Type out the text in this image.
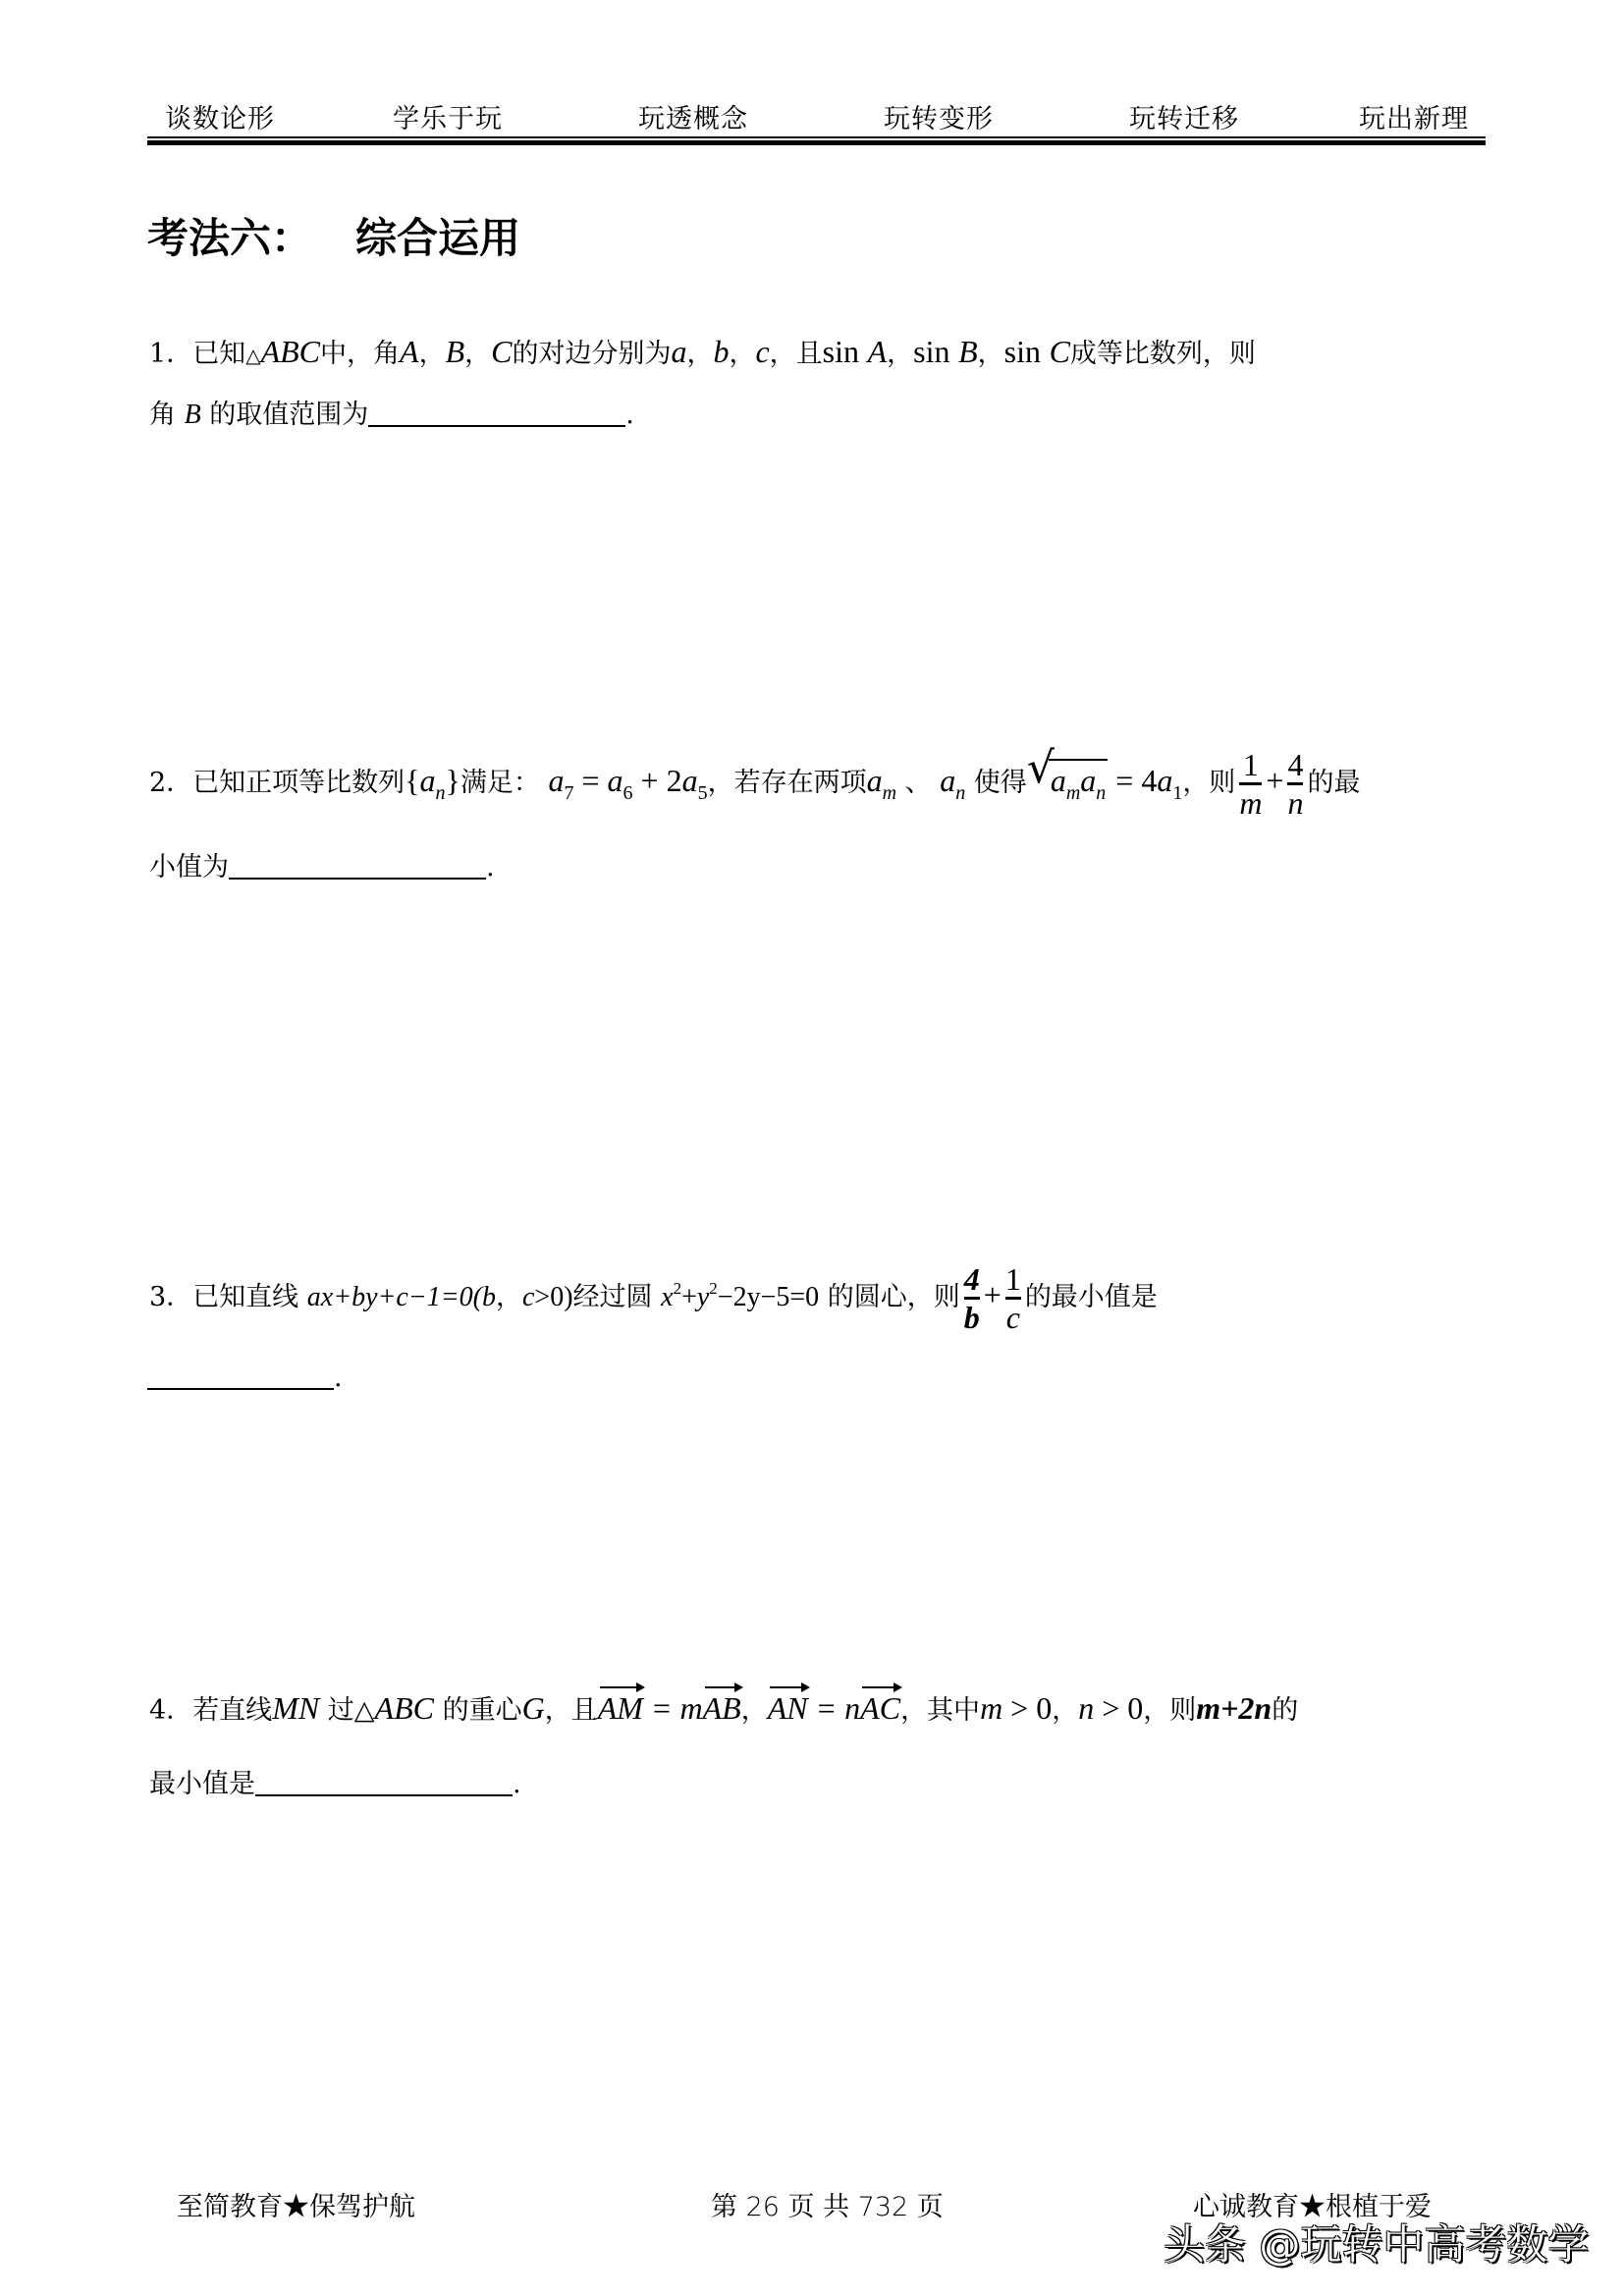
谈数论形	学乐于玩	玩透概念	玩转变形	玩转迁移	玩出新理
考法六： 综合运用
1．已知△ABC中，角A，B，C的对边分别为a，b，c，且sin A，sin B，sin C成等比数列，则
角 B 的取值范围为	.
2．已知正项等比数列$\{a_n\}$满足： $a_7 = a_6 + 2a_5$，若存在两项$a_m$ 、 $a_n$ 使得 √
$a_ma_n = 4a_1$，则 $\frac{1}{m} + \frac{4}{n}$ 的最
小值为	.
3．已知直线 ax+by+c−1=0(b，c>0)经过圆 $x^2+y^2-2y-5=0$ 的圆心，则 $\frac{4}{b} + \frac{1}{c}$ 的最小值是
.
4．若直线MN 过△ABC 的重心G，且AM = mAB，AN = nAC，其中m > 0，n > 0，则m+2n的
最小值是	.
至简教育★保驾护航	第 26 页 共 732 页	心诚教育★根植于爱
头条 @玩转中高考数学
